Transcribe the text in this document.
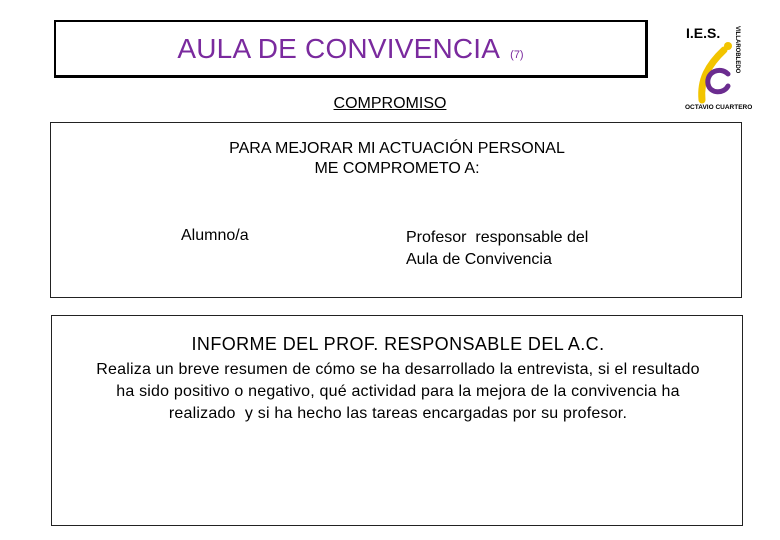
AULA DE CONVIVENCIA (7)
I.E.S. VILLAROBLEDO
OCTAVIO CUARTERO
COMPROMISO
PARA MEJORAR MI ACTUACIÓN PERSONAL
ME COMPROMETO A:
Alumno/a	Profesor  responsable del
Aula de Convivencia
INFORME DEL PROF. RESPONSABLE DEL A.C.
Realiza un breve resumen de cómo se ha desarrollado la entrevista, si el resultado
ha sido positivo o negativo, qué actividad para la mejora de la convivencia ha
realizado  y si ha hecho las tareas encargadas por su profesor.
